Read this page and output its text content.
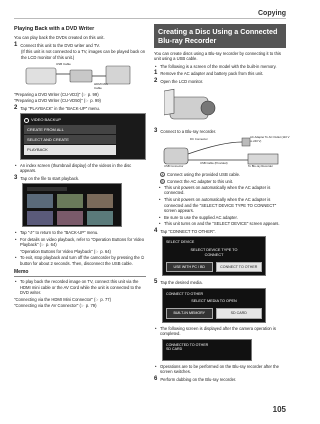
Copying
Playing Back with a DVD Writer

You can play back the DVDs created on this unit.

1 Connect this unit to the DVD writer and TV.

(If this unit is not connected to a TV, images can be played back on the LCD monitor of this unit.)

USB Cable
HDMI Mini Cable
"Preparing a DVD Writer (CU-VD3)" (☞ p. 99)
"Preparing a DVD Writer (CU-VD50)" (☞ p. 99)
2 Tap "PLAYBACK" in the "BACK-UP" menu.
VIDEO BACKUP
CREATE FROM ALL
SELECT AND CREATE
PLAYBACK
• An index screen (thumbnail display) of the videos in the disc appears.
3 Tap on the file to start playback.
• Tap "↺" to return to the "BACK-UP" menu.
• For details on video playback, refer to "Operation Buttons for Video Playback" (☞ p. 64)

"Operation Buttons for Video Playback" (☞ p. 64)

• To exit, stop playback and turn off the camcorder by pressing the ⏻ button for about 2 seconds. Then, disconnect the USB cable.
Memo
• To play back the recorded image on TV, connect this unit via the HDMI mini cable or the AV Cord while the unit is connected to the DVD writer.
"Connecting via the HDMI Mini Connector" (☞ p. 77)
"Connecting via the AV Connector" (☞ p. 79)
Creating a Disc Using a Connected Blu-ray Recorder

You can create discs using a Blu-ray recorder by connecting it to this unit using a USB cable.

• The following is a screen of the model with the built-in memory.
1 Remove the AC adapter and battery pack from this unit.
2 Open the LCD monitor.
3 Connect to a Blu-ray recorder.
AC Adapter To AC Outlet (110 V to 240 V)
DC Connector
USB Connector
USB Cable (Provided)
To Blu-ray Recorder
A Connect using the provided USB cable.
B Connect the AC adapter to this unit.
• This unit powers on automatically when the AC adapter is connected.
• This unit powers on automatically when the AC adapter is connected and the "SELECT DEVICE TYPE TO CONNECT" screen appears.
• Be sure to use the supplied AC adapter.
• This unit turns on and the "SELECT DEVICE" screen appears.
4 Tap "CONNECT TO OTHER".
SELECT DEVICE
SELECT DEVICE TYPE TO CONNECT
USE WITH PC / BD	CONNECT TO OTHER
5 Tap the desired media.
CONNECT TO OTHER
SELECT MEDIA TO OPEN
BUILT-IN MEMORY	SD CARD
• The following screen is displayed after the camera operation is completed.
CONNECTED TO OTHER
SD CARD
• Operations are to be performed on the Blu-ray recorder after the screen switches.
6 Perform dubbing on the Blu-ray recorder.
105
